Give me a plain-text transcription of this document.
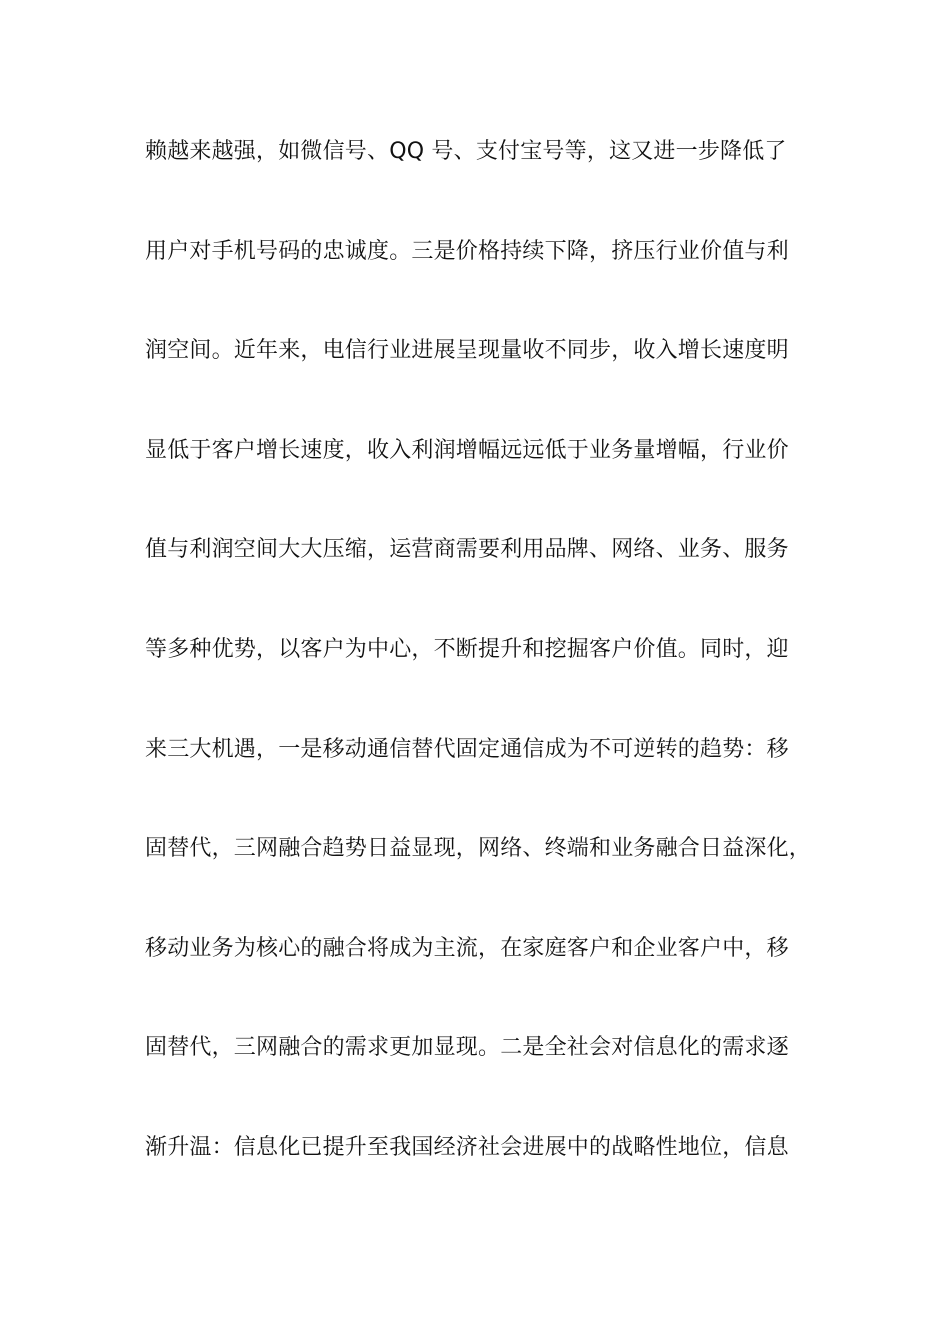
赖越来越强，如微信号、QQ 号、支付宝号等，这又进一步降低了
用户对手机号码的忠诚度。三是价格持续下降，挤压行业价值与利
润空间。近年来，电信行业进展呈现量收不同步，收入增长速度明
显低于客户增长速度，收入利润增幅远远低于业务量增幅，行业价
值与利润空间大大压缩，运营商需要利用品牌、网络、业务、服务
等多种优势，以客户为中心，不断提升和挖掘客户价值。同时，迎
来三大机遇，一是移动通信替代固定通信成为不可逆转的趋势：移
固替代，三网融合趋势日益显现，网络、终端和业务融合日益深化，
移动业务为核心的融合将成为主流，在家庭客户和企业客户中，移
固替代，三网融合的需求更加显现。二是全社会对信息化的需求逐
渐升温：信息化已提升至我国经济社会进展中的战略性地位，信息
